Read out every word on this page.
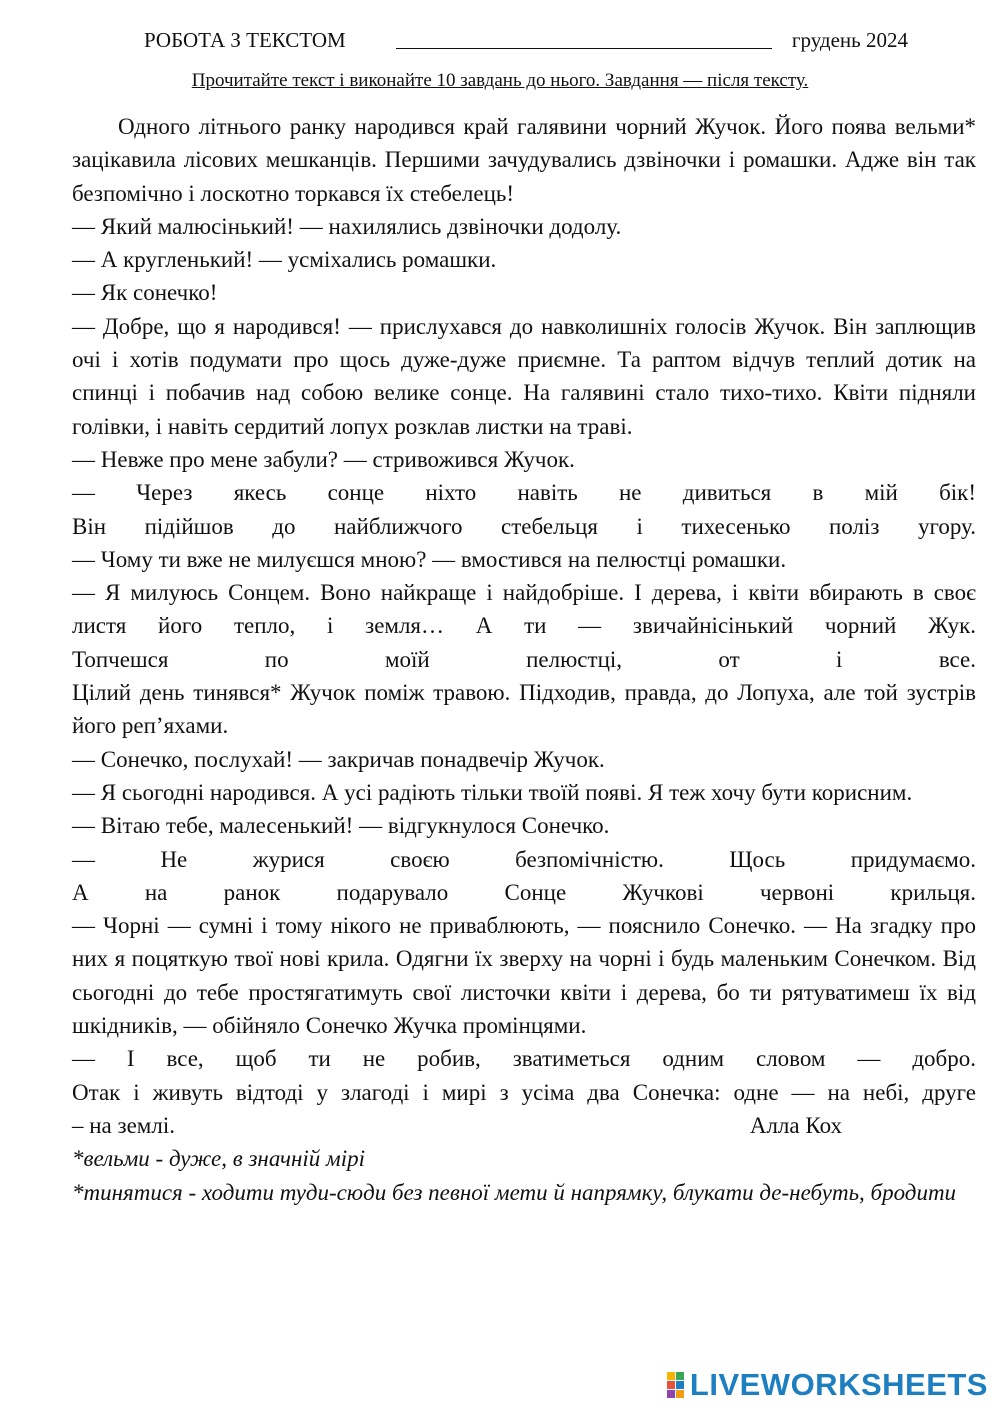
РОБОТА З ТЕКСТОМ	грудень 2024
Прочитайте текст і виконайте 10 завдань до нього. Завдання — після тексту.

Одного літнього ранку народився край галявини чорний Жучок. Його поява вельми* зацікавила лісових мешканців. Першими зачудувались дзвіночки і ромашки. Адже він так безпомічно і лоскотно торкався їх стебелець!

— Який малюсінький! — нахилялись дзвіночки додолу.

— А кругленький! — усміхались ромашки.

— Як сонечко!

— Добре, що я народився! — прислухався до навколишніх голосів Жучок. Він заплющив очі і хотів подумати про щось дуже-дуже приємне. Та раптом відчув теплий дотик на спинці і побачив над собою велике сонце. На галявині стало тихо-тихо. Квіти підняли голівки, і навіть сердитий лопух розклав листки на траві.

— Невже про мене забули? — стривожився Жучок.

— Через якесь сонце ніхто навіть не дивиться в мій бік!

Він підійшов до найближчого стебельця і тихесенько поліз угору.

— Чому ти вже не милуєшся мною? — вмостився на пелюстці ромашки.

— Я милуюсь Сонцем. Воно найкраще і найдобріше. І дерева, і квіти вбирають в своє листя його тепло, і земля… А ти — звичайнісінький чорний Жук.

Топчешся по моїй пелюстці, от і все.

Цілий день тинявся* Жучок поміж травою. Підходив, правда, до Лопуха, але той зустрів його реп’яхами.

— Сонечко, послухай! — закричав понадвечір Жучок.

— Я сьогодні народився. А усі радіють тільки твоїй появі. Я теж хочу бути корисним.

— Вітаю тебе, малесенький! — відгукнулося Сонечко.

— Не журися своєю безпомічністю. Щось придумаємо.

А на ранок подарувало Сонце Жучкові червоні крильця.

— Чорні — сумні і тому нікого не приваблюють, — пояснило Сонечко. — На згадку про них я поцяткую твої нові крила. Одягни їх зверху на чорні і будь маленьким Сонечком. Від сьогодні до тебе простягатимуть свої листочки квіти і дерева, бо ти рятуватимеш їх від шкідників, — обійняло Сонечко Жучка промінцями.

— І все, щоб ти не робив, зватиметься одним словом — добро.

Отак і живуть відтоді у злагоді і мирі з усіма два Сонечка: одне — на небі, друге

– на землі.	Алла Кох

*вельми - дуже, в значній мірі

*тинятися - ходити туди-сюди без певної мети й напрямку, блукати де-небуть, бродити

LIVEWORKSHEETS
